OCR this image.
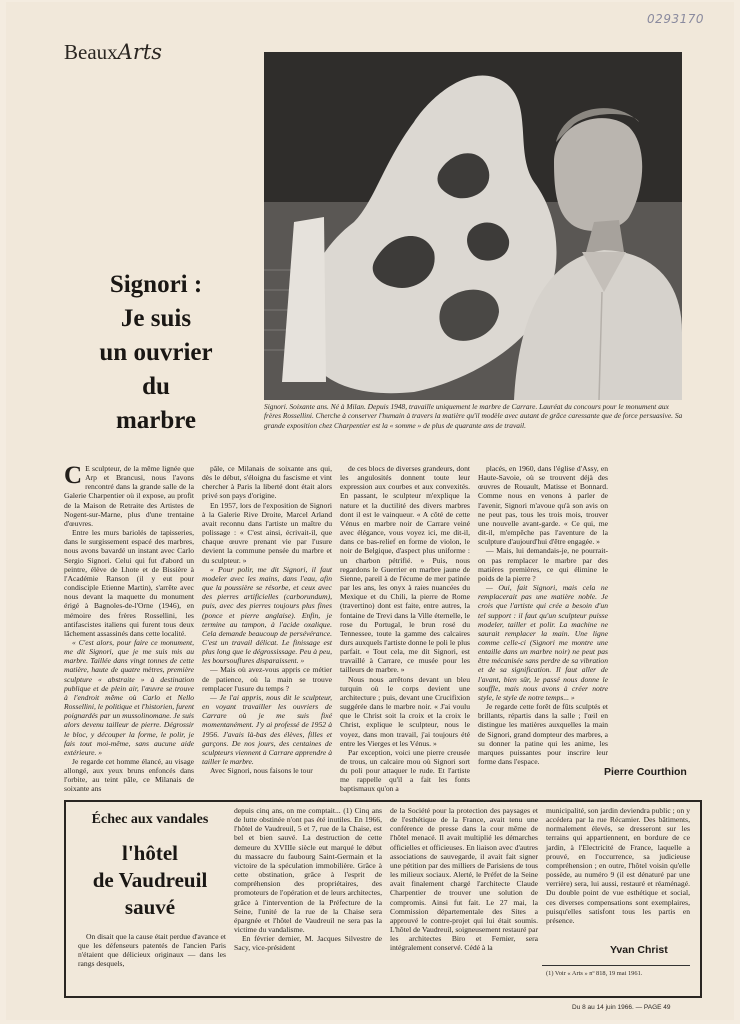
0293170
BeauxArts
Signori :
Je suis
un ouvrier
du
marbre
Signori. Soixante ans. Né à Milan. Depuis 1948, travaille uniquement le marbre de Carrare. Lauréat du concours pour le monument aux frères Rossellini. Cherche à conserver l'humain à travers la matière qu'il modèle avec autant de grâce caressante que de force persuasive. Sa grande exposition chez Charpentier est la « somme » de plus de quarante ans de travail.
C E sculpteur, de la même lignée que Arp et Brancusi, nous l'avons rencontré dans la grande salle de la Galerie Charpentier où il expose, au profit de la Maison de Retraite des Artistes de Nogent-sur-Marne, plus d'une trentaine d'œuvres.

Entre les murs bariolés de tapisseries, dans le surgissement espacé des marbres, nous avons bavardé un instant avec Carlo Sergio Signori. Celui qui fut d'abord un peintre, élève de Lhote et de Bissière à l'Académie Ranson (il y eut pour condisciple Etienne Martin), s'arrête avec nous devant la maquette du monument érigé à Bagnoles-de-l'Orne (1946), en mémoire des frères Rossellini, les antifascistes italiens qui furent tous deux lâchement assassinés dans cette localité.

« C'est alors, pour faire ce monument, me dit Signori, que je me suis mis au marbre. Taillée dans vingt tonnes de cette matière, haute de quatre mètres, première sculpture « abstraite » à destination publique et de plein air, l'œuvre se trouve à l'endroit même où Carlo et Nello Rossellini, le politique et l'historien, furent poignardés par un mussolinomane. Je suis alors devenu tailleur de pierre. Dégrossir le bloc, y découper la forme, le polir, je fais tout moi-même, sans aucune aide extérieure. »

Je regarde cet homme élancé, au visage allongé, aux yeux bruns enfoncés dans l'orbite, au teint pâle, ce Milanais de soixante ans

pâle, ce Milanais de soixante ans qui, dès le début, s'éloigna du fascisme et vint chercher à Paris la liberté dont était alors privé son pays d'origine.

En 1957, lors de l'exposition de Signori à la Galerie Rive Droite, Marcel Arland avait reconnu dans l'artiste un maître du polissage : « C'est ainsi, écrivait-il, que chaque œuvre prenant vie par l'usure devient la commune pensée du marbre et du sculpteur. »

« Pour polir, me dit Signori, il faut modeler avec les mains, dans l'eau, afin que la poussière se résorbe, et ceux avec des pierres artificielles (carborundum), puis, avec des pierres toujours plus fines (ponce et pierre anglaise). Enfin, je termine au tampon, à l'acide oxalique. Cela demande beaucoup de persévérance. C'est un travail délicat. Le finissage est plus long que le dégrossissage. Peu à peu, les boursouflures disparaissent. »

— Mais où avez-vous appris ce métier de patience, où la main se trouve remplacer l'usure du temps ?

— Je l'ai appris, nous dit le sculpteur, en voyant travailler les ouvriers de Carrare où je me suis fixé momentanément. J'y ai professé de 1952 à 1956. J'avais là-bas des élèves, filles et garçons. De nos jours, des centaines de sculpteurs viennent à Carrare apprendre à tailler le marbre.

Avec Signori, nous faisons le tour

de ces blocs de diverses grandeurs, dont les angulosités donnent toute leur expression aux courbes et aux convexités. En passant, le sculpteur m'explique la nature et la ductilité des divers marbres dont il est le vainqueur. « A côté de cette Vénus en marbre noir de Carrare veiné avec élégance, vous voyez ici, me dit-il, dans ce bas-relief en forme de violon, le noir de Belgique, d'aspect plus uniforme : un charbon pétrifié. » Puis, nous regardons le Guerrier en marbre jaune de Sienne, pareil à de l'écume de mer patinée par les ans, les onyx à raies nuancées du Mexique et du Chili, la pierre de Rome (travertino) dont est faite, entre autres, la fontaine de Trevi dans la Ville éternelle, le rose du Portugal, le brun rosé du Tennessee, toute la gamme des calcaires durs auxquels l'artiste donne le poli le plus parfait. « Tout cela, me dit Signori, est travaillé à Carrare, ce musée pour les tailleurs de marbre. »

Nous nous arrêtons devant un bleu turquin où le corps devient une architecture ; puis, devant une Crucifixion suggérée dans le marbre noir. « J'ai voulu que le Christ soit la croix et la croix le Christ, explique le sculpteur, nous le voyez, dans mon travail, j'ai toujours été entre les Vierges et les Vénus. »

Par exception, voici une pierre creusée de trous, un calcaire mou où Signori sort du poli pour attaquer le rude. Et l'artiste me rappelle qu'il a fait les fonts baptismaux qu'on a

placés, en 1960, dans l'église d'Assy, en Haute-Savoie, où se trouvent déjà des œuvres de Rouault, Matisse et Bonnard. Comme nous en venons à parler de l'avenir, Signori m'avoue qu'à son avis on ne peut pas, tous les trois mois, trouver une nouvelle avant-garde. « Ce qui, me dit-il, m'empêche pas l'aventure de la sculpture d'aujourd'hui d'être engagée. »

— Mais, lui demandais-je, ne pourrait-on pas remplacer le marbre par des matières premières, ce qui élimine le poids de la pierre ?

— Oui, fait Signori, mais cela ne remplacerait pas une matière noble. Je crois que l'artiste qui crée a besoin d'un tel support : il faut qu'un sculpteur puisse modeler, tailler et polir. La machine ne saurait remplacer la main. Une ligne comme celle-ci (Signori me montre une entaille dans un marbre noir) ne peut pas être mécanisée sans perdre de sa vibration et de sa signification. Il faut aller de l'avant, bien sûr, le passé nous donne le souffle, mais nous avons à créer notre style, le style de notre temps... »

Je regarde cette forêt de fûts sculptés et brillants, répartis dans la salle ; l'œil en distingue les matières auxquelles la main de Signori, grand dompteur des marbres, a su donner la patine qui les anime, les marques puissantes pour inscrire leur forme dans l'espace.

Pierre Courthion
Échec aux vandales
l'hôtel
de Vaudreuil
sauvé

On disait que la cause était perdue d'avance et que les défenseurs patentés de l'ancien Paris n'étaient que délicieux originaux — dans les rangs desquels,

depuis cinq ans, on me comptait... (1) Cinq ans de lutte obstinée n'ont pas été inutiles. En 1966, l'hôtel de Vaudreuil, 5 et 7, rue de la Chaise, est bel et bien sauvé. La destruction de cette demeure du XVIIIe siècle eut marqué le début du massacre du faubourg Saint-Germain et la victoire de la spéculation immobilière. Grâce à cette obstination, grâce à l'esprit de compréhension des propriétaires, des promoteurs de l'opération et de leurs architectes, grâce à l'intervention de la Préfecture de la Seine, l'unité de la rue de la Chaise sera épargnée et l'hôtel de Vaudreuil ne sera pas la victime du vandalisme.

En février dernier, M. Jacques Silvestre de Sacy, vice-président

de la Société pour la protection des paysages et de l'esthétique de la France, avait tenu une conférence de presse dans la cour même de l'hôtel menacé. Il avait multiplié les démarches officielles et officieuses. En liaison avec d'autres associations de sauvegarde, il avait fait signer une pétition par des milliers de Parisiens de tous les milieux sociaux. Alerté, le Préfet de la Seine avait finalement chargé l'architecte Claude Charpentier de trouver une solution de compromis. Ainsi fut fait. Le 27 mai, la Commission départementale des Sites a approuvé le contre-projet qui lui était soumis. L'hôtel de Vaudreuil, soigneusement restauré par les architectes Biro et Fernier, sera intégralement conservé. Cédé à la

municipalité, son jardin deviendra public ; on y accédera par la rue Récamier. Des bâtiments, normalement élevés, se dresseront sur les terrains qui appartiennent, en bordure de ce jardin, à l'Electricité de France, laquelle a prouvé, en l'occurrence, sa judicieuse compréhension ; en outre, l'hôtel voisin qu'elle possède, au numéro 9 (il est dénaturé par une verrière) sera, lui aussi, restauré et réaménagé. Du double point de vue esthétique et social, ces diverses compensations sont exemplaires, puisqu'elles satisfont tous les partis en présence.

Yvan Christ
(1) Voir « Arts » nº 818, 19 mai 1961.
Du 8 au 14 juin 1966. — PAGE 49
